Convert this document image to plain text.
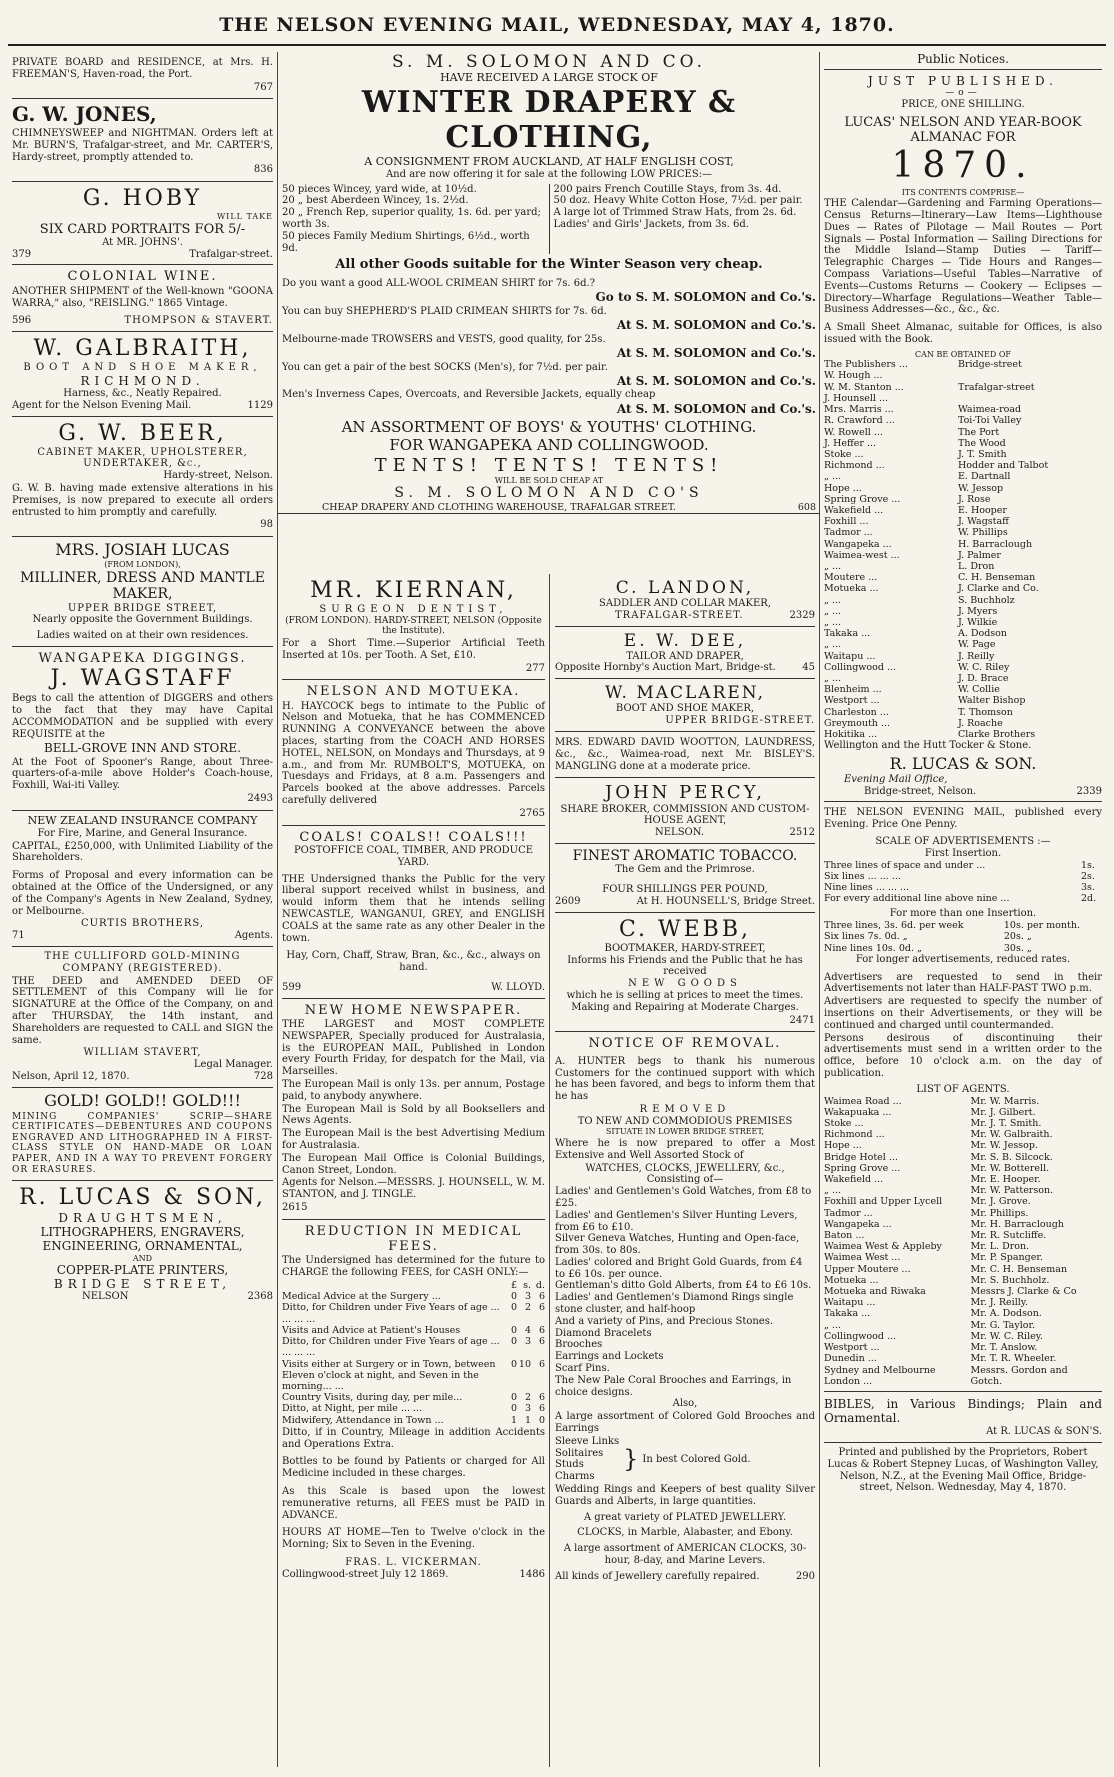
THE NELSON EVENING MAIL, WEDNESDAY, MAY 4, 1870.

PRIVATE BOARD and RESIDENCE, at Mrs. H. FREEMAN'S, Haven-road, the Port.

767

G. W. JONES,

CHIMNEYSWEEP and NIGHTMAN. Orders left at Mr. BURN'S, Trafalgar-street, and Mr. CARTER'S, Hardy-street, promptly attended to.

836

G. HOBY
WILL TAKE
SIX CARD PORTRAITS FOR 5/-
At MR. JOHNS'.
379	Trafalgar-street.
COLONIAL WINE.

ANOTHER SHIPMENT of the Well-known "GOONA WARRA," also, "REISLING." 1865 Vintage.

596	THOMPSON & STAVERT.
W. GALBRAITH,
BOOT AND SHOE MAKER,
RICHMOND.
Harness, &c., Neatly Repaired.
Agent for the Nelson Evening Mail.	1129
G. W. BEER,
CABINET MAKER, UPHOLSTERER, UNDERTAKER, &c.,
Hardy-street, Nelson.

G. W. B. having made extensive alterations in his Premises, is now prepared to execute all orders entrusted to him promptly and carefully.

98

MRS. JOSIAH LUCAS
(FROM LONDON),
MILLINER, DRESS AND MANTLE MAKER,
UPPER BRIDGE STREET,
Nearly opposite the Government Buildings.
Ladies waited on at their own residences.
WANGAPEKA DIGGINGS.
J. WAGSTAFF

Begs to call the attention of DIGGERS and others to the fact that they may have Capital ACCOMMODATION and be supplied with every REQUISITE at the

BELL-GROVE INN AND STORE.

At the Foot of Spooner's Range, about Three-quarters-of-a-mile above Holder's Coach-house, Foxhill, Wai-iti Valley.

2493

NEW ZEALAND INSURANCE COMPANY
For Fire, Marine, and General Insurance.

CAPITAL, £250,000, with Unlimited Liability of the Shareholders.

Forms of Proposal and every information can be obtained at the Office of the Undersigned, or any of the Company's Agents in New Zealand, Sydney, or Melbourne.

CURTIS BROTHERS,
71	Agents.
THE CULLIFORD GOLD-MINING COMPANY (REGISTERED).

THE DEED and AMENDED DEED OF SETTLEMENT of this Company will lie for SIGNATURE at the Office of the Company, on and after THURSDAY, the 14th instant, and Shareholders are requested to CALL and SIGN the same.

WILLIAM STAVERT,
Legal Manager.
Nelson, April 12, 1870.	728
GOLD! GOLD!! GOLD!!!

MINING COMPANIES' SCRIP—SHARE CERTIFICATES—DEBENTURES AND COUPONS ENGRAVED AND LITHOGRAPHED IN A FIRST-CLASS STYLE ON HAND-MADE OR LOAN PAPER, AND IN A WAY TO PREVENT FORGERY OR ERASURES.

R. LUCAS & SON,
DRAUGHTSMEN,
LITHOGRAPHERS, ENGRAVERS,
ENGINEERING, ORNAMENTAL,
AND
COPPER-PLATE PRINTERS,
BRIDGE STREET,
NELSON	2368
S. M. SOLOMON AND CO.
HAVE RECEIVED A LARGE STOCK OF
WINTER DRAPERY & CLOTHING,
A CONSIGNMENT FROM AUCKLAND, AT HALF ENGLISH COST,
And are now offering it for sale at the following LOW PRICES:—
50 pieces Wincey, yard wide, at 10½d.
20 „ best Aberdeen Wincey, 1s. 2½d.
20 „ French Rep, superior quality, 1s. 6d. per yard; worth 3s.
50 pieces Family Medium Shirtings, 6½d., worth 9d.
200 pairs French Coutille Stays, from 3s. 4d.
50 doz. Heavy White Cotton Hose, 7½d. per pair.
A large lot of Trimmed Straw Hats, from 2s. 6d.
Ladies' and Girls' Jackets, from 3s. 6d.
All other Goods suitable for the Winter Season very cheap.

Do you want a good ALL-WOOL CRIMEAN SHIRT for 7s. 6d.?

Go to S. M. SOLOMON and Co.'s.

You can buy SHEPHERD'S PLAID CRIMEAN SHIRTS for 7s. 6d.

At S. M. SOLOMON and Co.'s.

Melbourne-made TROWSERS and VESTS, good quality, for 25s.

At S. M. SOLOMON and Co.'s.

You can get a pair of the best SOCKS (Men's), for 7½d. per pair.

At S. M. SOLOMON and Co.'s.

Men's Inverness Capes, Overcoats, and Reversible Jackets, equally cheap

At S. M. SOLOMON and Co.'s.
AN ASSORTMENT OF BOYS' & YOUTHS' CLOTHING.
FOR WANGAPEKA AND COLLINGWOOD.
TENTS! TENTS! TENTS!
WILL BE SOLD CHEAP AT
S. M. SOLOMON AND CO'S
CHEAP DRAPERY AND CLOTHING WAREHOUSE, TRAFALGAR STREET.	608
MR. KIERNAN,
SURGEON DENTIST,
(FROM LONDON). HARDY-STREET, NELSON (Opposite the Institute).

For a Short Time.—Superior Artificial Teeth Inserted at 10s. per Tooth. A Set, £10.

277

NELSON AND MOTUEKA.

H. HAYCOCK begs to intimate to the Public of Nelson and Motueka, that he has COMMENCED RUNNING A CONVEYANCE between the above places, starting from the COACH AND HORSES HOTEL, NELSON, on Mondays and Thursdays, at 9 a.m., and from Mr. RUMBOLT'S, MOTUEKA, on Tuesdays and Fridays, at 8 a.m. Passengers and Parcels booked at the above addresses. Parcels carefully delivered

2765

COALS! COALS!! COALS!!!
POSTOFFICE COAL, TIMBER, AND PRODUCE YARD.

THE Undersigned thanks the Public for the very liberal support received whilst in business, and would inform them that he intends selling NEWCASTLE, WANGANUI, GREY, and ENGLISH COALS at the same rate as any other Dealer in the town.

Hay, Corn, Chaff, Straw, Bran, &c., &c., always on hand.
599	W. LLOYD.
NEW HOME NEWSPAPER.

THE LARGEST and MOST COMPLETE NEWSPAPER, Specially produced for Australasia, is the EUROPEAN MAIL, Published in London every Fourth Friday, for despatch for the Mail, via Marseilles.

The European Mail is only 13s. per annum, Postage paid, to anybody anywhere.

The European Mail is Sold by all Booksellers and News Agents.

The European Mail is the best Advertising Medium for Australasia.

The European Mail Office is Colonial Buildings, Canon Street, London.

Agents for Nelson.—MESSRS. J. HOUNSELL, W. M. STANTON, and J. TINGLE.

2615

REDUCTION IN MEDICAL FEES.

The Undersigned has determined for the future to CHARGE the following FEES, for CASH ONLY:—

	£	s.	d.
Medical Advice at the Surgery ...	0	3	6
Ditto, for Children under Five Years of age ... ... ... ...	0	2	6
Visits and Advice at Patient's Houses	0	4	6
Ditto, for Children under Five Years of age ... ... ... ...	0	3	6
Visits either at Surgery or in Town, between Eleven o'clock at night, and Seven in the morning... ...	0	10	6
Country Visits, during day, per mile...	0	2	6
Ditto, at Night, per mile ... ...	0	3	6
Midwifery, Attendance in Town ...	1	1	0

Ditto, if in Country, Mileage in addition Accidents and Operations Extra.

Bottles to be found by Patients or charged for All Medicine included in these charges.

As this Scale is based upon the lowest remunerative returns, all FEES must be PAID in ADVANCE.

HOURS AT HOME—Ten to Twelve o'clock in the Morning; Six to Seven in the Evening.

FRAS. L. VICKERMAN.
Collingwood-street July 12 1869.	1486
C. LANDON,
SADDLER AND COLLAR MAKER,
TRAFALGAR-STREET.	2329
E. W. DEE,
TAILOR AND DRAPER,
Opposite Hornby's Auction Mart, Bridge-st.	45
W. MACLAREN,
BOOT AND SHOE MAKER,
UPPER BRIDGE-STREET.

MRS. EDWARD DAVID WOOTTON, LAUNDRESS, &c., &c., Waimea-road, next Mr. BISLEY'S. MANGLING done at a moderate price.

JOHN PERCY,
SHARE BROKER, COMMISSION AND CUSTOM-HOUSE AGENT,
NELSON.	2512
FINEST AROMATIC TOBACCO.
The Gem and the Primrose.
FOUR SHILLINGS PER POUND,
2609	At H. HOUNSELL'S, Bridge Street.
C. WEBB,
BOOTMAKER, HARDY-STREET,
Informs his Friends and the Public that he has received
NEW GOODS
which he is selling at prices to meet the times.
Making and Repairing at Moderate Charges.

2471

NOTICE OF REMOVAL.

A. HUNTER begs to thank his numerous Customers for the continued support with which he has been favored, and begs to inform them that he has

REMOVED
TO NEW AND COMMODIOUS PREMISES
SITUATE IN LOWER BRIDGE STREET,

Where he is now prepared to offer a Most Extensive and Well Assorted Stock of

WATCHES, CLOCKS, JEWELLERY, &c.,
Consisting of—
Ladies' and Gentlemen's Gold Watches, from £8 to £25.
Ladies' and Gentlemen's Silver Hunting Levers, from £6 to £10.
Silver Geneva Watches, Hunting and Open-face, from 30s. to 80s.
Ladies' colored and Bright Gold Guards, from £4 to £6 10s. per ounce.
Gentleman's ditto Gold Alberts, from £4 to £6 10s.
Ladies' and Gentlemen's Diamond Rings single stone cluster, and half-hoop
And a variety of Pins, and Precious Stones.
Diamond Bracelets
Brooches
Earrings and Lockets
Scarf Pins.
The New Pale Coral Brooches and Earrings, in choice designs.
Also,

A large assortment of Colored Gold Brooches and Earrings

Sleeve Links
Solitaires
Studs
Charms
} In best Colored Gold.

Wedding Rings and Keepers of best quality Silver Guards and Alberts, in large quantities.

A great variety of PLATED JEWELLERY.

CLOCKS, in Marble, Alabaster, and Ebony.

A large assortment of AMERICAN CLOCKS, 30-hour, 8-day, and Marine Levers.

All kinds of Jewellery carefully repaired.	290
Public Notices.
JUST PUBLISHED.
—o—
PRICE, ONE SHILLING.
LUCAS' NELSON AND YEAR-BOOK ALMANAC FOR
1870.
ITS CONTENTS COMPRISE—

THE Calendar—Gardening and Farming Operations—Census Returns—Itinerary—Law Items—Lighthouse Dues — Rates of Pilotage — Mail Routes — Port Signals — Postal Information — Sailing Directions for the Middle Island—Stamp Duties — Tariff—Telegraphic Charges — Tide Hours and Ranges—Compass Variations—Useful Tables—Narrative of Events—Customs Returns — Cookery — Eclipses — Directory—Wharfage Regulations—Weather Table—Business Addresses—&c., &c., &c.

A Small Sheet Almanac, suitable for Offices, is also issued with the Book.

CAN BE OBTAINED OF
The Publishers ...	Bridge-street
W. Hough ...	
W. M. Stanton ...	Trafalgar-street
J. Hounsell ...	
Mrs. Marris ...	Waimea-road
R. Crawford ...	Toi-Toi Valley
W. Rowell ...	The Port
J. Heffer ...	The Wood
Stoke ...	J. T. Smith
Richmond ...	Hodder and Talbot
„ ...	E. Dartnall
Hope ...	W. Jessop
Spring Grove ...	J. Rose
Wakefield ...	E. Hooper
Foxhill ...	J. Wagstaff
Tadmor ...	W. Phillips
Wangapeka ...	H. Barraclough
Waimea-west ...	J. Palmer
„ ...	L. Dron
Moutere ...	C. H. Benseman
Motueka ...	J. Clarke and Co.
„ ...	S. Buchholz
„ ...	J. Myers
„ ...	J. Wilkie
Takaka ...	A. Dodson
„ ...	W. Page
Waitapu ...	J. Reilly
Collingwood ...	W. C. Riley
„ ...	J. D. Brace
Blenheim ...	W. Collie
Westport ...	Walter Bishop
Charleston ...	T. Thomson
Greymouth ...	J. Roache
Hokitika ...	Clarke Brothers
Wellington and the Hutt Tocker & Stone.
R. LUCAS & SON.
Evening Mail Office,
Bridge-street, Nelson.	2339

THE NELSON EVENING MAIL, published every Evening. Price One Penny.

SCALE OF ADVERTISEMENTS :—
First Insertion.
Three lines of space and under ...	1s.
Six lines ... ... ...	2s.
Nine lines ... ... ...	3s.
For every additional line above nine ...	2d.
For more than one Insertion.
Three lines, 3s. 6d. per week	10s. per month.
Six lines 7s. 0d. „	20s. „
Nine lines 10s. 0d. „	30s. „
For longer advertisements, reduced rates.

Advertisers are requested to send in their Advertisements not later than HALF-PAST TWO p.m.

Advertisers are requested to specify the number of insertions on their Advertisements, or they will be continued and charged until countermanded.

Persons desirous of discontinuing their advertisements must send in a written order to the office, before 10 o'clock a.m. on the day of publication.

LIST OF AGENTS.
Waimea Road ...	Mr. W. Marris.
Wakapuaka ...	Mr. J. Gilbert.
Stoke ...	Mr. J. T. Smith.
Richmond ...	Mr. W. Galbraith.
Hope ...	Mr. W. Jessop.
Bridge Hotel ...	Mr. S. B. Silcock.
Spring Grove ...	Mr. W. Botterell.
Wakefield ...	Mr. E. Hooper.
„ ...	Mr. W. Patterson.
Foxhill and Upper Lycell	Mr. J. Grove.
Tadmor ...	Mr. Phillips.
Wangapeka ...	Mr. H. Barraclough
Baton ...	Mr. R. Sutcliffe.
Waimea West & Appleby	Mr. L. Dron.
Waimea West ...	Mr. P. Spanger.
Upper Moutere ...	Mr. C. H. Benseman
Motueka ...	Mr. S. Buchholz.
Motueka and Riwaka	Messrs J. Clarke & Co
Waitapu ...	Mr. J. Reilly.
Takaka ...	Mr. A. Dodson.
„ ...	Mr. G. Taylor.
Collingwood ...	Mr. W. C. Riley.
Westport ...	Mr. T. Anslow.
Dunedin ...	Mr. T. R. Wheeler.
Sydney and Melbourne	Messrs. Gordon and
London ...	Gotch.

BIBLES, in Various Bindings; Plain and Ornamental.

At R. LUCAS & SON'S.

Printed and published by the Proprietors, Robert Lucas & Robert Stepney Lucas, of Washington Valley, Nelson, N.Z., at the Evening Mail Office, Bridge-street, Nelson. Wednesday, May 4, 1870.
